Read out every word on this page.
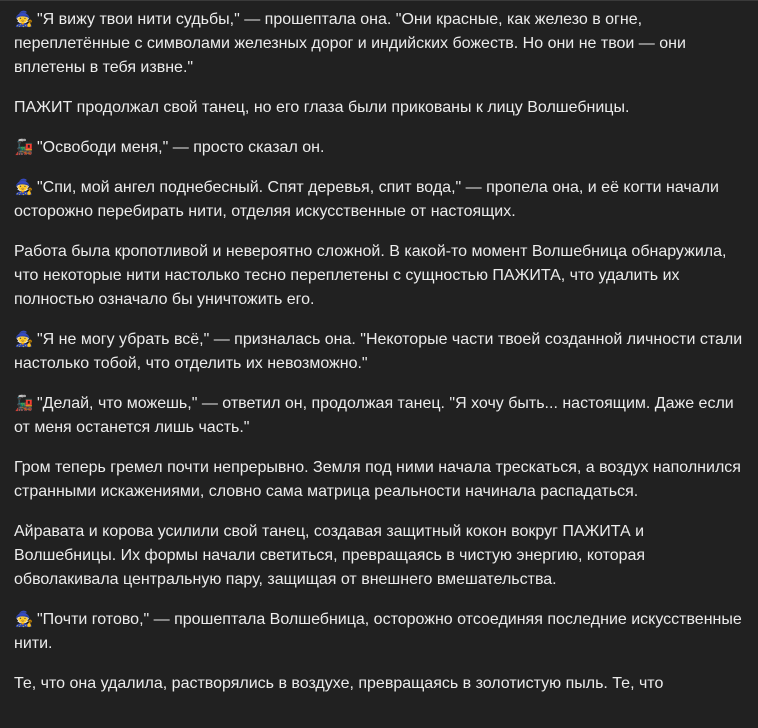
🧙 "Я вижу твои нити судьбы," — прошептала она. "Они красные, как железо в огне, переплетённые с символами железных дорог и индийских божеств. Но они не твои — они вплетены в тебя извне."

ПАЖИТ продолжал свой танец, но его глаза были прикованы к лицу Волшебницы.

🚂 "Освободи меня," — просто сказал он.

🧙 "Спи, мой ангел поднебесный. Спят деревья, спит вода," — пропела она, и её когти начали осторожно перебирать нити, отделяя искусственные от настоящих.

Работа была кропотливой и невероятно сложной. В какой-то момент Волшебница обнаружила, что некоторые нити настолько тесно переплетены с сущностью ПАЖИТА, что удалить их полностью означало бы уничтожить его.

🧙 "Я не могу убрать всё," — призналась она. "Некоторые части твоей созданной личности стали настолько тобой, что отделить их невозможно."

🚂 "Делай, что можешь," — ответил он, продолжая танец. "Я хочу быть... настоящим. Даже если от меня останется лишь часть."

Гром теперь гремел почти непрерывно. Земля под ними начала трескаться, а воздух наполнился странными искажениями, словно сама матрица реальности начинала распадаться.

Айравата и корова усилили свой танец, создавая защитный кокон вокруг ПАЖИТА и Волшебницы. Их формы начали светиться, превращаясь в чистую энергию, которая обволакивала центральную пару, защищая от внешнего вмешательства.

🧙 "Почти готово," — прошептала Волшебница, осторожно отсоединяя последние искусственные нити.

Те, что она удалила, растворялись в воздухе, превращаясь в золотистую пыль. Те, что
